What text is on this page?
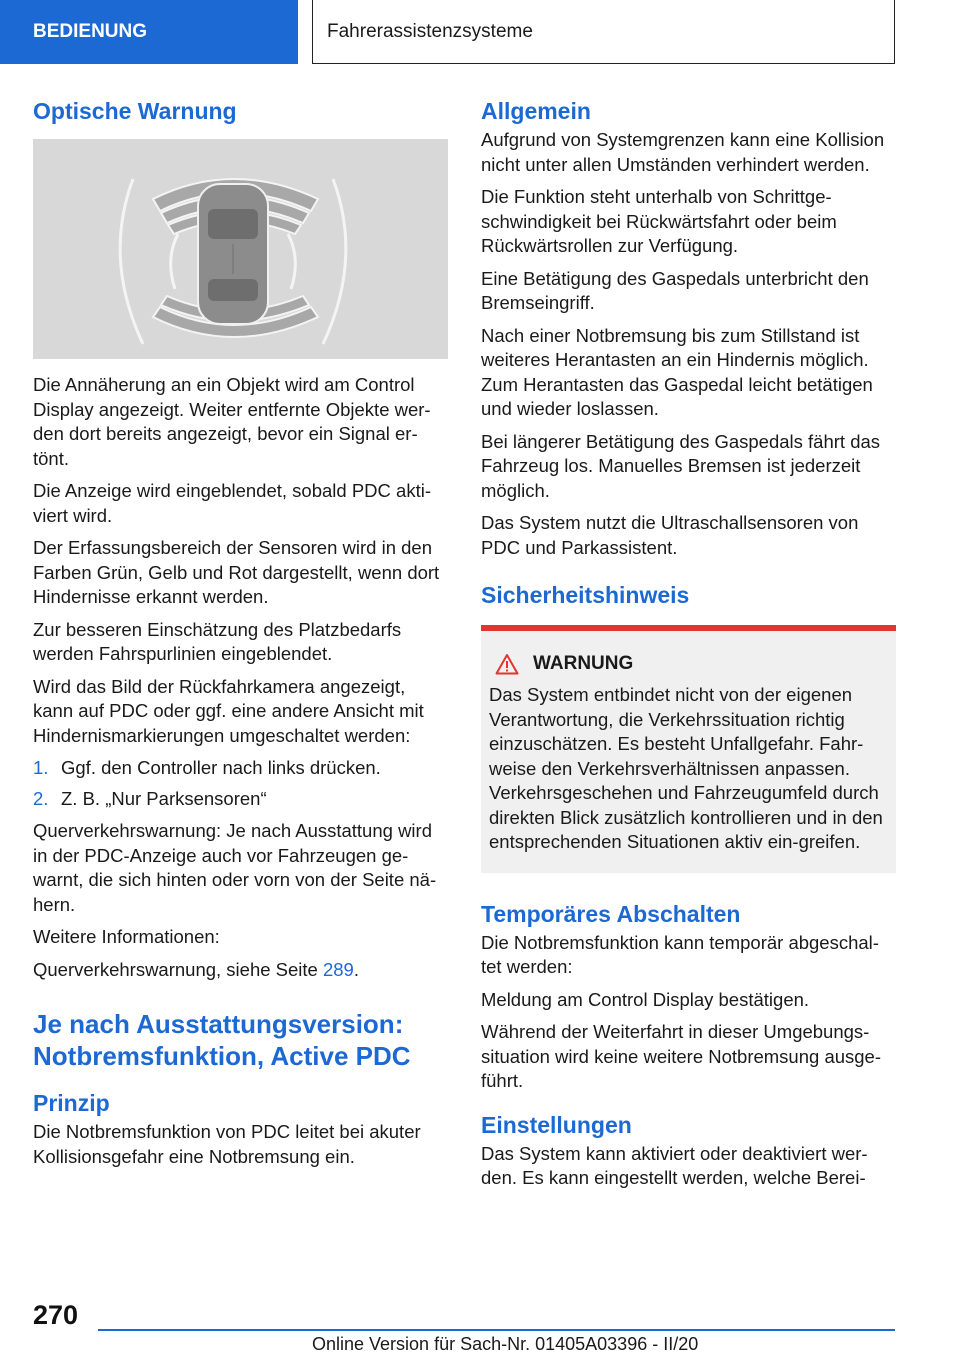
BEDIENUNG	Fahrerassistenzsysteme
Optische Warnung

Die Annäherung an ein Objekt wird am Control Display angezeigt. Weiter entfernte Objekte wer-den dort bereits angezeigt, bevor ein Signal er-tönt.

Die Anzeige wird eingeblendet, sobald PDC akti-viert wird.

Der Erfassungsbereich der Sensoren wird in den Farben Grün, Gelb und Rot dargestellt, wenn dort Hindernisse erkannt werden.

Zur besseren Einschätzung des Platzbedarfs werden Fahrspurlinien eingeblendet.

Wird das Bild der Rückfahrkamera angezeigt, kann auf PDC oder ggf. eine andere Ansicht mit Hindernismarkierungen umgeschaltet werden:

1. Ggf. den Controller nach links drücken.
2. Z. B. „Nur Parksensoren“

Querverkehrswarnung: Je nach Ausstattung wird in der PDC-Anzeige auch vor Fahrzeugen ge-warnt, die sich hinten oder vorn von der Seite nä-hern.

Weitere Informationen:

Querverkehrswarnung, siehe Seite 289.

Je nach Ausstattungsversion: Notbremsfunktion, Active PDC
Prinzip

Die Notbremsfunktion von PDC leitet bei akuter Kollisionsgefahr eine Notbremsung ein.

Allgemein

Aufgrund von Systemgrenzen kann eine Kollision nicht unter allen Umständen verhindert werden.

Die Funktion steht unterhalb von Schrittge-schwindigkeit bei Rückwärtsfahrt oder beim Rückwärtsrollen zur Verfügung.

Eine Betätigung des Gaspedals unterbricht den Bremseingriff.

Nach einer Notbremsung bis zum Stillstand ist weiteres Herantasten an ein Hindernis möglich. Zum Herantasten das Gaspedal leicht betätigen und wieder loslassen.

Bei längerer Betätigung des Gaspedals fährt das Fahrzeug los. Manuelles Bremsen ist jederzeit möglich.

Das System nutzt die Ultraschallsensoren von PDC und Parkassistent.

Sicherheitshinweis
WARNUNG

Das System entbindet nicht von der eigenen Verantwortung, die Verkehrssituation richtig einzuschätzen. Es besteht Unfallgefahr. Fahr-weise den Verkehrsverhältnissen anpassen. Verkehrsgeschehen und Fahrzeugumfeld durch direkten Blick zusätzlich kontrollieren und in den entsprechenden Situationen aktiv ein-greifen.

Temporäres Abschalten

Die Notbremsfunktion kann temporär abgeschal-tet werden:

Meldung am Control Display bestätigen.

Während der Weiterfahrt in dieser Umgebungs-situation wird keine weitere Notbremsung ausge-führt.

Einstellungen

Das System kann aktiviert oder deaktiviert wer-den. Es kann eingestellt werden, welche Berei-

270
Online Version für Sach-Nr. 01405A03396 - II/20
